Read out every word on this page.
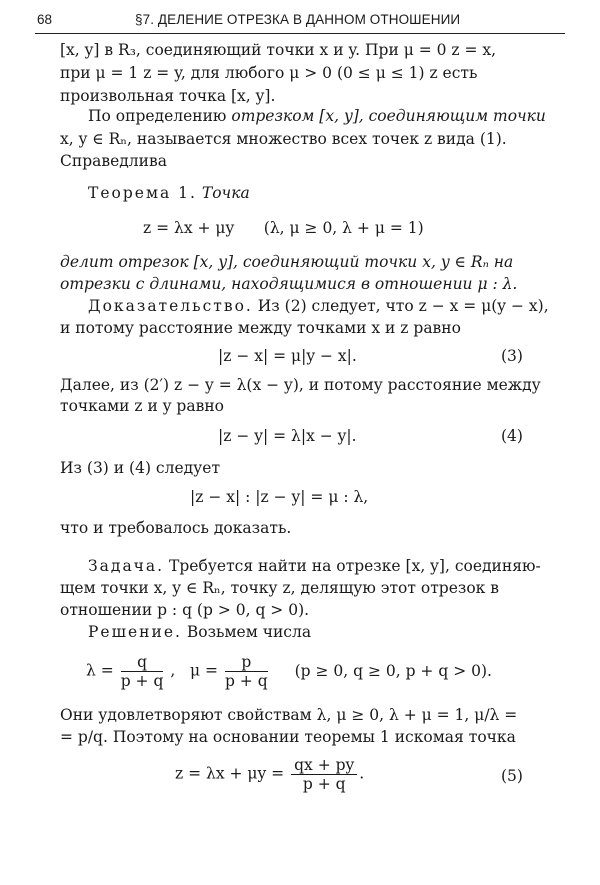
68	§7. ДЕЛЕНИЕ ОТРЕЗКА В ДАННОМ ОТНОШЕНИИ
[x, y] в R₃, соединяющий точки x и y. При μ = 0 z = x,
при μ = 1 z = y, для любого μ > 0 (0 ≤ μ ≤ 1) z есть
произвольная точка [x, y].
По определению отрезком [x, y], соединяющим точки
x, y ∈ Rₙ, называется множество всех точек z вида (1).
Справедлива
Теорема 1. Точка
z = λx + μy      (λ, μ ≥ 0, λ + μ = 1)
делит отрезок [x, y], соединяющий точки x, y ∈ Rₙ на
отрезки с длинами, находящимися в отношении μ : λ.
Доказательство. Из (2) следует, что z − x = μ(y − x),
и потому расстояние между точками x и z равно
|z − x| = μ|y − x|.	(3)
Далее, из (2′) z − y = λ(x − y), и потому расстояние между
точками z и y равно
|z − y| = λ|x − y|.	(4)
Из (3) и (4) следует
|z − x| : |z − y| = μ : λ,
что и требовалось доказать.
Задача. Требуется найти на отрезке [x, y], соединяю-
щем точки x, y ∈ Rₙ, точку z, делящую этот отрезок в
отношении p : q (p > 0, q > 0).
Решение. Возьмем числа
$\lambda = \frac{q}{p + q}$ ,   $\mu = \frac{p}{p + q} (p \ge 0$, q ≥ 0, p + q > 0).
Они удовлетворяют свойствам λ, μ ≥ 0, λ + μ = 1, μ/λ =
= p/q. Поэтому на основании теоремы 1 искомая точка
$z = \lambda x + \mu y = \frac{qx + py}{p + q}$ .	(5)
